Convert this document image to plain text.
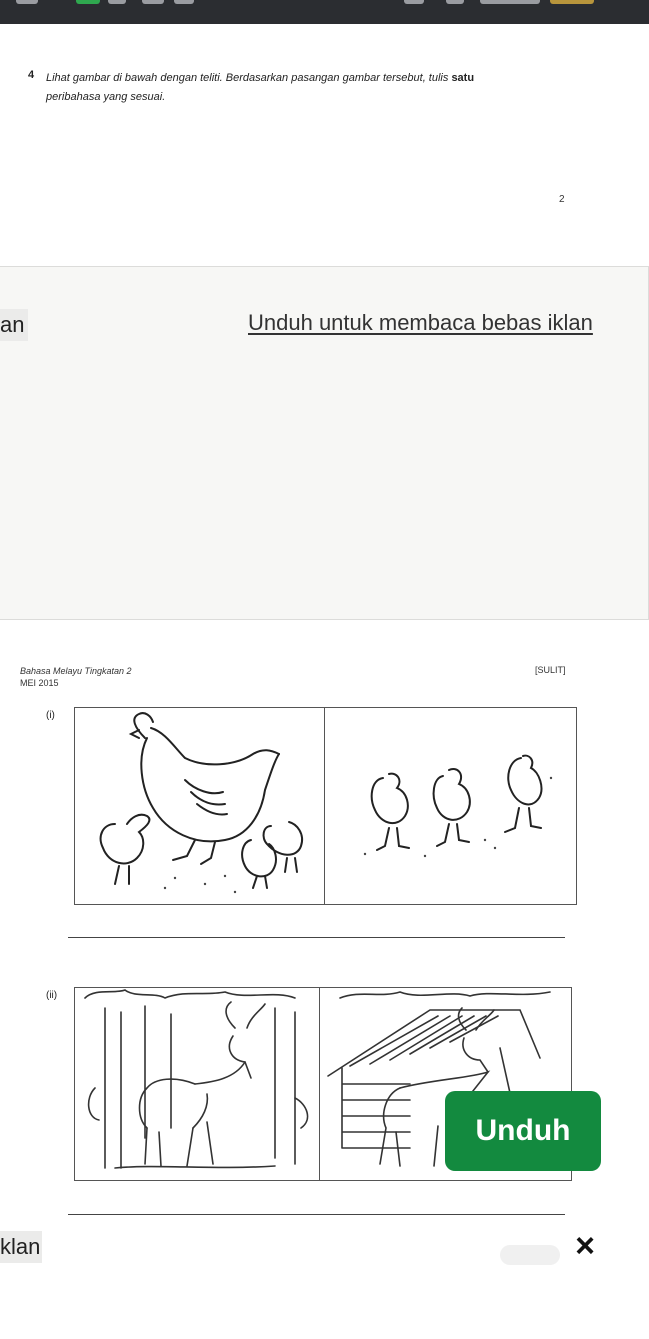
4 Lihat gambar di bawah dengan teliti. Berdasarkan pasangan gambar tersebut, tulis satu
peribahasa yang sesuai.
2
an	Unduh untuk membaca bebas iklan
Bahasa Melayu Tingkatan 2
MEI 2015
[SULIT]
(i)
(ii)
Unduh
klan	×
